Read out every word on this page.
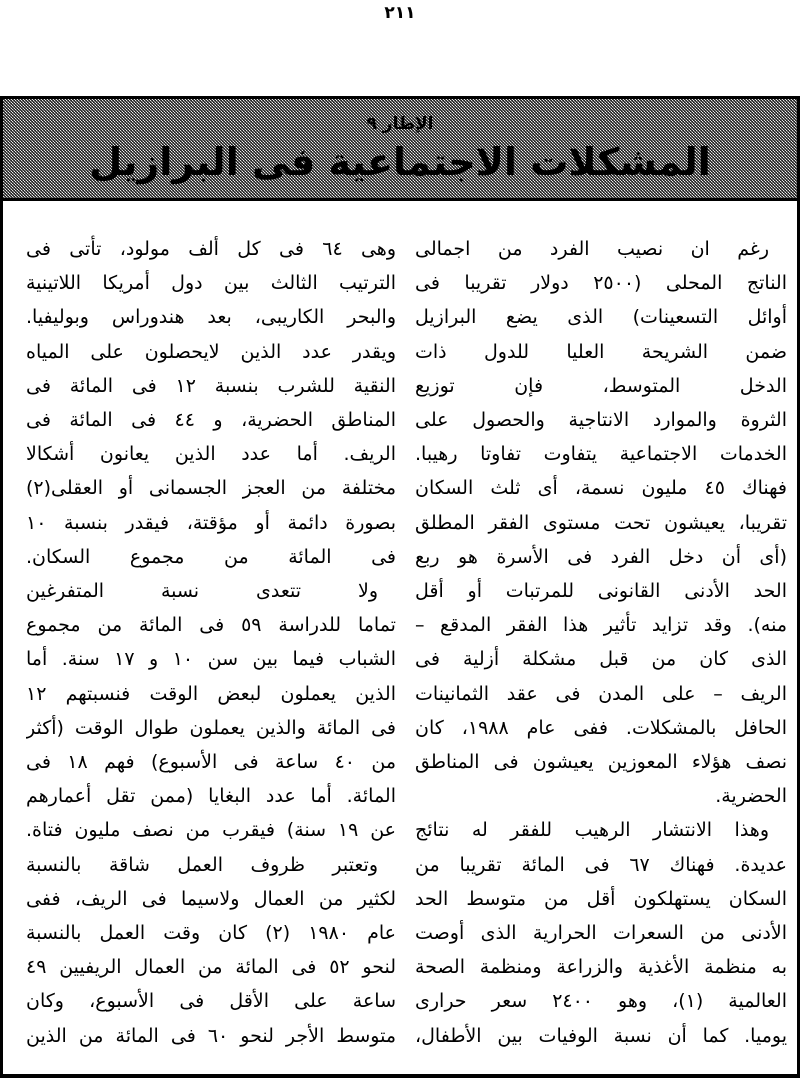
٢١١
الإطار ٩
المشكلات الاجتماعية فى البرازيل
رغم ان نصيب الفرد من اجمالى
الناتج المحلى (٢٥٠٠ دولار تقريبا فى
أوائل التسعينات) الذى يضع البرازيل
ضمن الشريحة العليا للدول ذات
الدخل المتوسط، فإن توزيع
الثروة والموارد الانتاجية والحصول على
الخدمات الاجتماعية يتفاوت تفاوتا رهيبا.
فهناك ٤٥ مليون نسمة، أى ثلث السكان
تقريبا، يعيشون تحت مستوى الفقر المطلق
(أى أن دخل الفرد فى الأسرة هو ربع
الحد الأدنى القانونى للمرتبات أو أقل
منه). وقد تزايد تأثير هذا الفقر المدقع –
الذى كان من قبل مشكلة أزلية فى
الريف – على المدن فى عقد الثمانينات
الحافل بالمشكلات. ففى عام ١٩٨٨، كان
نصف هؤلاء المعوزين يعيشون فى المناطق
الحضرية.
وهذا الانتشار الرهيب للفقر له نتائج
عديدة. فهناك ٦٧ فى المائة تقريبا من
السكان يستهلكون أقل من متوسط الحد
الأدنى من السعرات الحرارية الذى أوصت
به منظمة الأغذية والزراعة ومنظمة الصحة
العالمية (١)، وهو ٢٤٠٠ سعر حرارى
يوميا. كما أن نسبة الوفيات بين الأطفال،
وهى ٦٤ فى كل ألف مولود، تأتى فى
الترتيب الثالث بين دول أمريكا اللاتينية
والبحر الكاريبى، بعد هندوراس وبوليفيا.
ويقدر عدد الذين لايحصلون على المياه
النقية للشرب بنسبة ١٢ فى المائة فى
المناطق الحضرية، و ٤٤ فى المائة فى
الريف. أما عدد الذين يعانون أشكالا
مختلفة من العجز الجسمانى أو العقلى(٢)
بصورة دائمة أو مؤقتة، فيقدر بنسبة ١٠
فى المائة من مجموع السكان.
ولا تتعدى نسبة المتفرغين
تماما للدراسة ٥٩ فى المائة من مجموع
الشباب فيما بين سن ١٠ و ١٧ سنة. أما
الذين يعملون لبعض الوقت فنسبتهم ١٢
فى المائة والذين يعملون طوال الوقت (أكثر
من ٤٠ ساعة فى الأسبوع) فهم ١٨ فى
المائة. أما عدد البغايا (ممن تقل أعمارهم
عن ١٩ سنة) فيقرب من نصف مليون فتاة.
وتعتبر ظروف العمل شاقة بالنسبة
لكثير من العمال ولاسيما فى الريف، ففى
عام ١٩٨٠ (٢) كان وقت العمل بالنسبة
لنحو ٥٢ فى المائة من العمال الريفيين ٤٩
ساعة على الأقل فى الأسبوع، وكان
متوسط الأجر لنحو ٦٠ فى المائة من الذين
